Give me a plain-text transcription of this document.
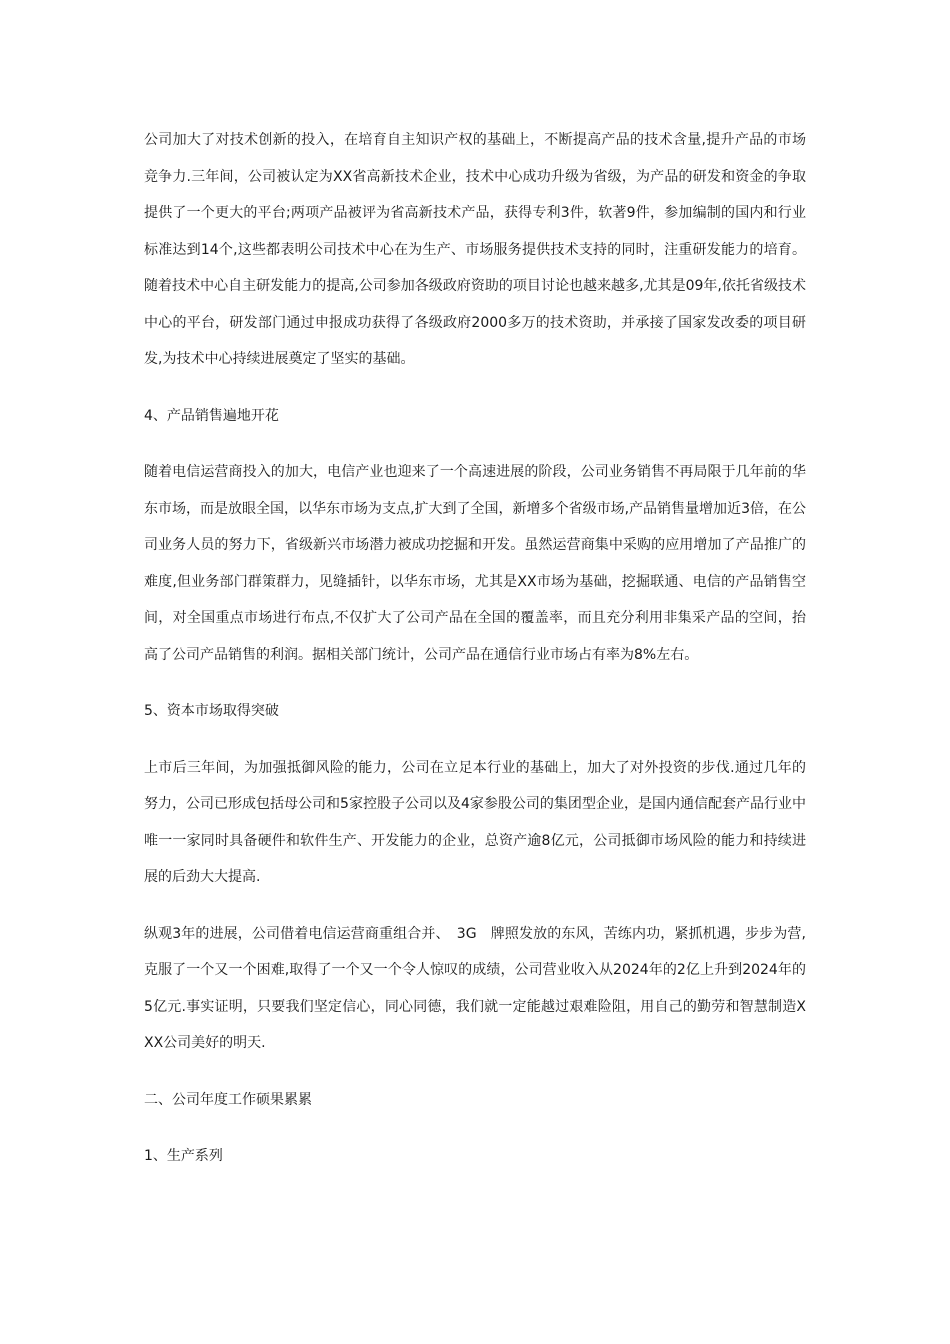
公司加大了对技术创新的投入，在培育自主知识产权的基础上，不断提高产品的技术含量,提升产品的市场竞争力.三年间，公司被认定为XX省高新技术企业，技术中心成功升级为省级，为产品的研发和资金的争取提供了一个更大的平台;两项产品被评为省高新技术产品，获得专利3件，软著9件，参加编制的国内和行业标准达到14个,这些都表明公司技术中心在为生产、市场服务提供技术支持的同时，注重研发能力的培育。随着技术中心自主研发能力的提高,公司参加各级政府资助的项目讨论也越来越多,尤其是09年,依托省级技术中心的平台，研发部门通过申报成功获得了各级政府2000多万的技术资助，并承接了国家发改委的项目研发,为技术中心持续进展奠定了坚实的基础。

4、产品销售遍地开花

随着电信运营商投入的加大，电信产业也迎来了一个高速进展的阶段，公司业务销售不再局限于几年前的华东市场，而是放眼全国，以华东市场为支点,扩大到了全国，新增多个省级市场,产品销售量增加近3倍，在公司业务人员的努力下，省级新兴市场潜力被成功挖掘和开发。虽然运营商集中采购的应用增加了产品推广的难度,但业务部门群策群力，见缝插针，以华东市场，尤其是XX市场为基础，挖掘联通、电信的产品销售空间，对全国重点市场进行布点,不仅扩大了公司产品在全国的覆盖率，而且充分利用非集采产品的空间，抬高了公司产品销售的利润。据相关部门统计，公司产品在通信行业市场占有率为8%左右。

5、资本市场取得突破

上市后三年间，为加强抵御风险的能力，公司在立足本行业的基础上，加大了对外投资的步伐.通过几年的努力，公司已形成包括母公司和5家控股子公司以及4家参股公司的集团型企业，是国内通信配套产品行业中唯一一家同时具备硬件和软件生产、开发能力的企业，总资产逾8亿元，公司抵御市场风险的能力和持续进展的后劲大大提高.

纵观3年的进展，公司借着电信运营商重组合并、　3G　牌照发放的东风，苦练内功，紧抓机遇，步步为营,克服了一个又一个困难,取得了一个又一个令人惊叹的成绩，公司营业收入从2024年的2亿上升到2024年的5亿元.事实证明，只要我们坚定信心，同心同德，我们就一定能越过艰难险阻，用自己的勤劳和智慧制造XXX公司美好的明天.

二、公司年度工作硕果累累

1、生产系列
